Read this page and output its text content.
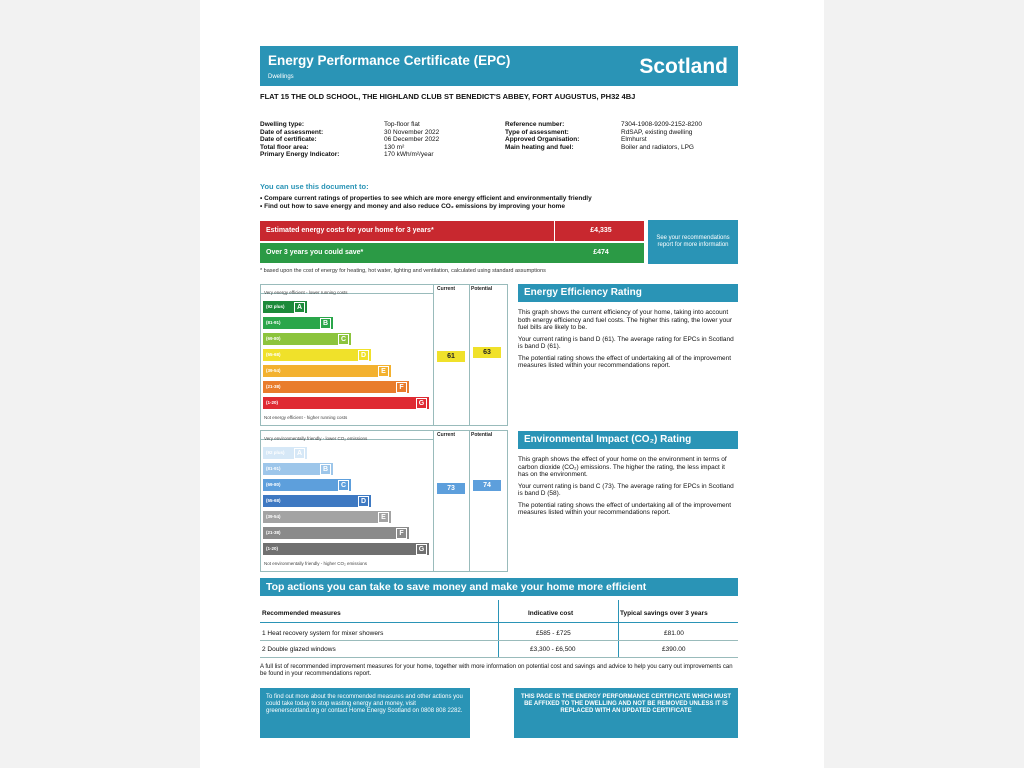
Energy Performance Certificate (EPC)
Dwellings	Scotland
FLAT 15 THE OLD SCHOOL, THE HIGHLAND CLUB ST BENEDICT'S ABBEY, FORT AUGUSTUS, PH32 4BJ
Dwelling type:	Top-floor flat
Date of assessment:	30 November 2022
Date of certificate:	06 December 2022
Total floor area:	130 m²
Primary Energy Indicator:	170 kWh/m²/year
Reference number:	7304-1908-9209-2152-8200
Type of assessment:	RdSAP, existing dwelling
Approved Organisation:	Elmhurst
Main heating and fuel:	Boiler and radiators, LPG
You can use this document to:
• Compare current ratings of properties to see which are more energy efficient and environmentally friendly
• Find out how to save energy and money and also reduce CO₂ emissions by improving your home
Estimated energy costs for your home for 3 years*	£4,335
Over 3 years you could save*	£474
See your recommendations report for more information
* based upon the cost of energy for heating, hot water, lighting and ventilation, calculated using standard assumptions
Current	Potential
Very energy efficient - lower running costs
Not energy efficient - higher running costs
(92 plus)	A
(81-91)	B
(69-80)	C
(55-68)	D
(39-54)	E
(21-38)	F
(1-20)	G
61
63
Current	Potential
Very environmentally friendly - lower CO₂ emissions
Not environmentally friendly - higher CO₂ emissions
(92 plus)	A
(81-91)	B
(69-80)	C
(55-68)	D
(39-54)	E
(21-38)	F
(1-20)	G
73	74
Energy Efficiency Rating

This graph shows the current efficiency of your home, taking into account both energy efficiency and fuel costs. The higher this rating, the lower your fuel bills are likely to be.

Your current rating is band D (61). The average rating for EPCs in Scotland is band D (61).

The potential rating shows the effect of undertaking all of the improvement measures listed within your recommendations report.

Environmental Impact (CO₂) Rating

This graph shows the effect of your home on the environment in terms of carbon dioxide (CO₂) emissions. The higher the rating, the less impact it has on the environment.

Your current rating is band C (73). The average rating for EPCs in Scotland is band D (58).

The potential rating shows the effect of undertaking all of the improvement measures listed within your recommendations report.

Top actions you can take to save money and make your home more efficient
Recommended measures	Indicative cost	Typical savings over 3 years
1 Heat recovery system for mixer showers	£585 - £725	£81.00
2 Double glazed windows	£3,300 - £6,500	£390.00
A full list of recommended improvement measures for your home, together with more information on potential cost and savings and advice to help you carry out improvements can be found in your recommendations report.
To find out more about the recommended measures and other actions you could take today to stop wasting energy and money, visit greenerscotland.org or contact Home Energy Scotland on 0808 808 2282.
THIS PAGE IS THE ENERGY PERFORMANCE CERTIFICATE WHICH MUST BE AFFIXED TO THE DWELLING AND NOT BE REMOVED UNLESS IT IS REPLACED WITH AN UPDATED CERTIFICATE
